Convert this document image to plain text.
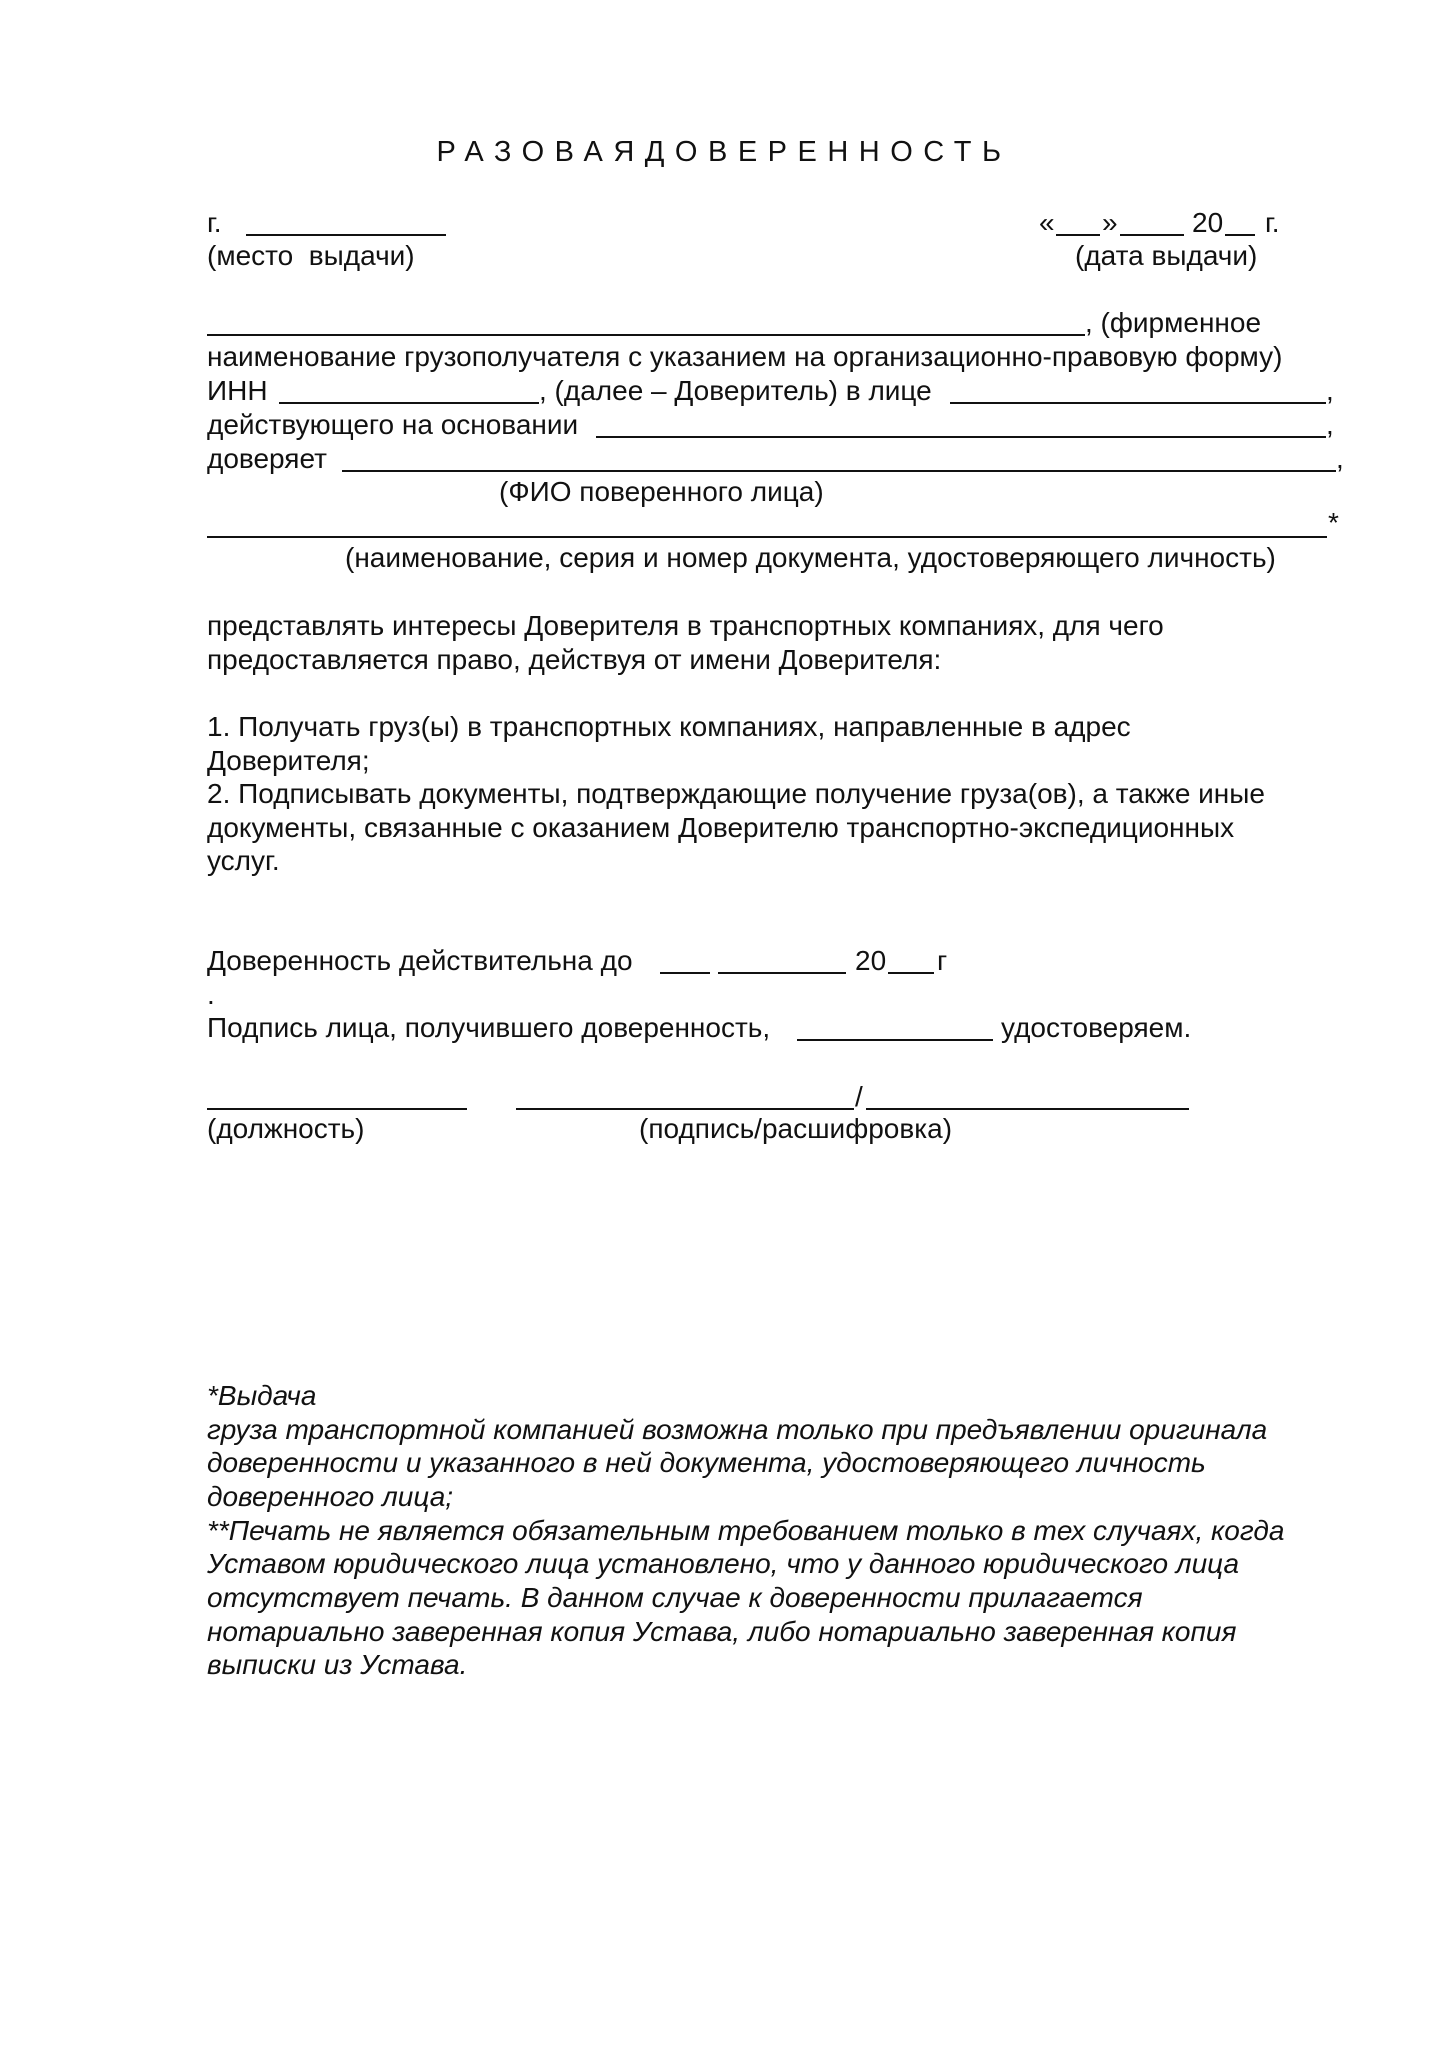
РАЗОВАЯДОВЕРЕННОСТЬ
г.
(место  выдачи)
« »	20 г.
(дата выдачи)
, (фирменное
наименование грузополучателя с указанием на организационно-правовую форму)
ИНН	, (далее – Доверитель) в лице	,
действующего на основании	,
доверяет	,
(ФИО поверенного лица)
*
(наименование, серия и номер документа, удостоверяющего личность)
представлять интересы Доверителя в транспортных компаниях, для чего
предоставляется право, действуя от имени Доверителя:
1. Получать груз(ы) в транспортных компаниях, направленные в адрес
Доверителя;
2. Подписывать документы, подтверждающие получение груза(ов), а также иные
документы, связанные с оказанием Доверителю транспортно-экспедиционных
услуг.
Доверенность действительна до	20 г
.
Подпись лица, получившего доверенность,	удостоверяем.
/
(должность)	(подпись/расшифровка)
*Выдача
груза транспортной компанией возможна только при предъявлении оригинала
доверенности и указанного в ней документа, удостоверяющего личность
доверенного лица;
**Печать не является обязательным требованием только в тех случаях, когда
Уставом юридического лица установлено, что у данного юридического лица
отсутствует печать. В данном случае к доверенности прилагается
нотариально заверенная копия Устава, либо нотариально заверенная копия
выписки из Устава.
